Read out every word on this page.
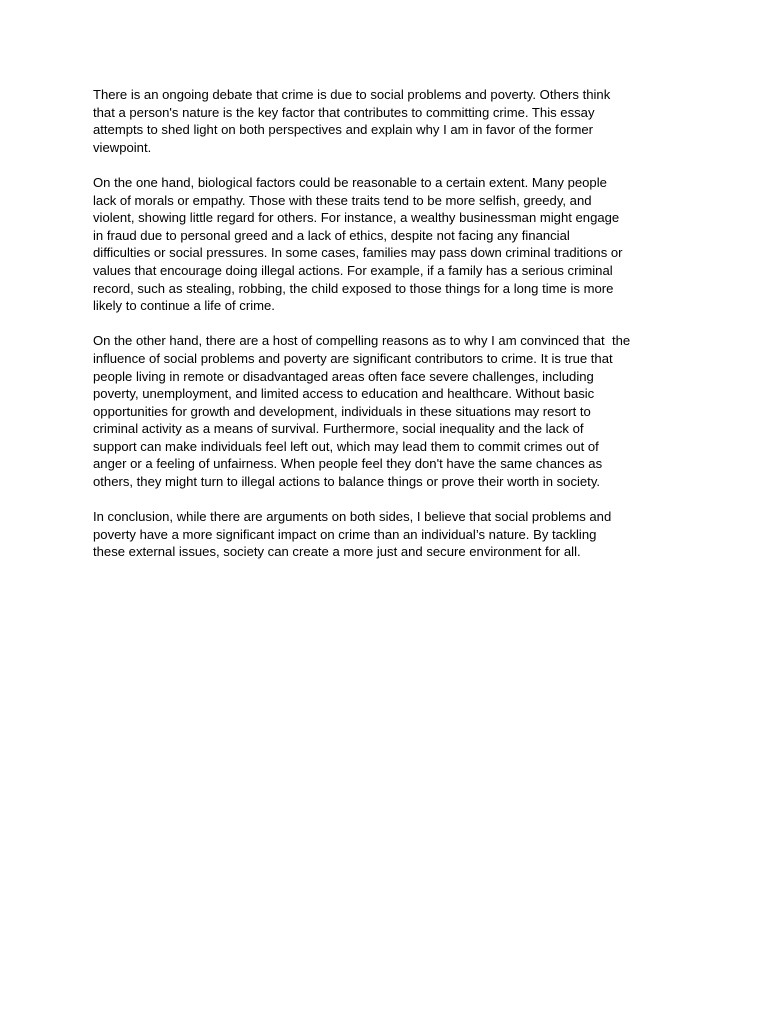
There is an ongoing debate that crime is due to social problems and poverty. Others think
that a person's nature is the key factor that contributes to committing crime. This essay
attempts to shed light on both perspectives and explain why I am in favor of the former
viewpoint.

On the one hand, biological factors could be reasonable to a certain extent. Many people
lack of morals or empathy. Those with these traits tend to be more selfish, greedy, and
violent, showing little regard for others. For instance, a wealthy businessman might engage
in fraud due to personal greed and a lack of ethics, despite not facing any financial
difficulties or social pressures. In some cases, families may pass down criminal traditions or
values that encourage doing illegal actions. For example, if a family has a serious criminal
record, such as stealing, robbing, the child exposed to those things for a long time is more
likely to continue a life of crime.

On the other hand, there are a host of compelling reasons as to why I am convinced that  the
influence of social problems and poverty are significant contributors to crime. It is true that
people living in remote or disadvantaged areas often face severe challenges, including
poverty, unemployment, and limited access to education and healthcare. Without basic
opportunities for growth and development, individuals in these situations may resort to
criminal activity as a means of survival. Furthermore, social inequality and the lack of
support can make individuals feel left out, which may lead them to commit crimes out of
anger or a feeling of unfairness. When people feel they don't have the same chances as
others, they might turn to illegal actions to balance things or prove their worth in society.

In conclusion, while there are arguments on both sides, I believe that social problems and
poverty have a more significant impact on crime than an individual’s nature. By tackling
these external issues, society can create a more just and secure environment for all.
